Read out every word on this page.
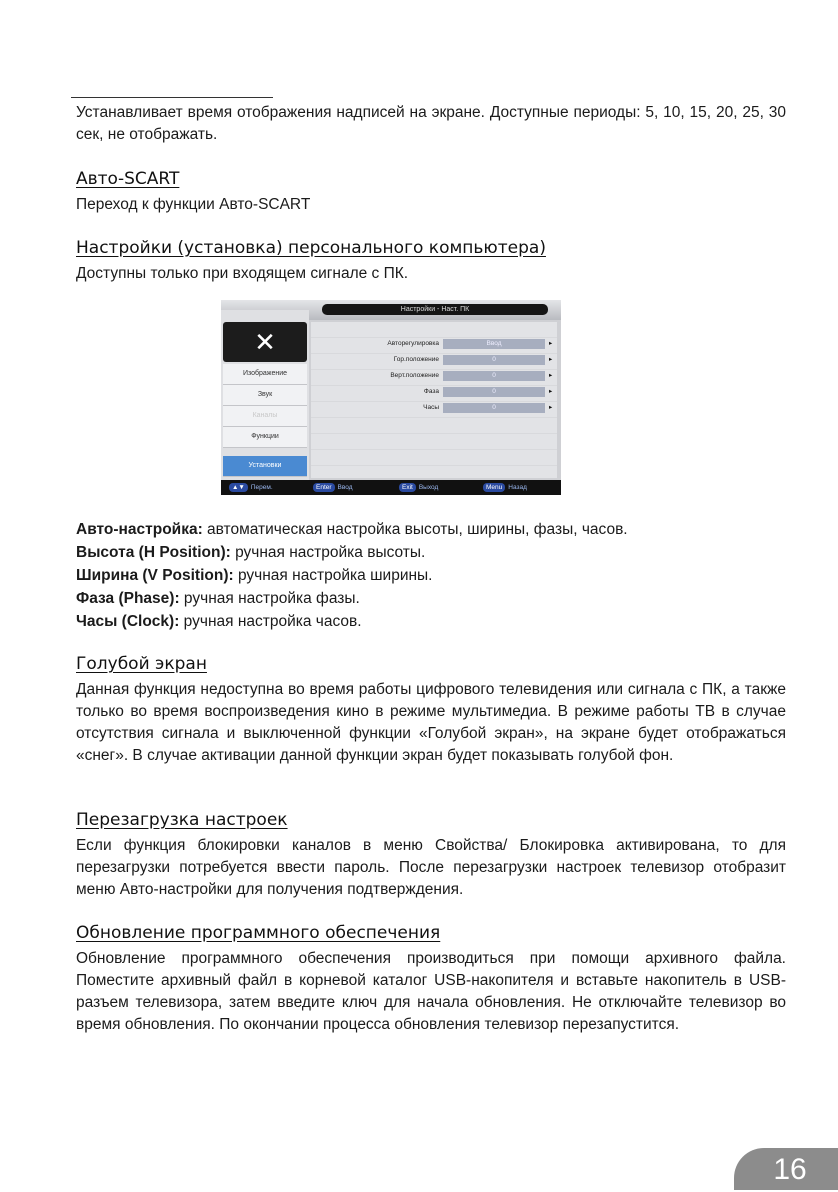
Устанавливает время отображения надписей на экране. Доступные периоды: 5, 10, 15, 20, 25, 30 сек, не отображать.

Авто-SCART

Переход к функции Авто-SCART

Настройки (установка) персонального компьютера)

Доступны только при входящем сигнале с ПК.

Настройки - Наст. ПК
✕
Изображение
Звук
Каналы
Функции
Установки
Авторегулировка	Ввод	▸
Гор.положение	0	▸
Верт.положение	0	▸
Фаза	0	▸
Часы	0	▸
▲▼ Перем.	Enter Ввод	Exit Выход	Menu Назад
Авто-настройка: автоматическая настройка высоты, ширины, фазы, часов.
Высота (H Position): ручная настройка высоты.
Ширина (V Position): ручная настройка ширины.
Фаза (Phase): ручная настройка фазы.
Часы (Clock): ручная настройка часов.
Голубой экран

Данная функция недоступна во время работы цифрового телевидения или сигнала с ПК, а также только во время воспроизведения кино в режиме мультимедиа. В режиме работы ТВ в случае отсутствия сигнала и выключенной функции «Голубой экран», на экране будет отображаться «снег». В случае активации данной функции экран будет показывать голубой фон.

Перезагрузка настроек

Если функция блокировки каналов в меню Свойства/ Блокировка активирована, то для перезагрузки потребуется ввести пароль. После перезагрузки настроек телевизор отобразит меню Авто-настройки для получения подтверждения.

Обновление программного обеспечения

Обновление программного обеспечения производиться при помощи архивного файла. Поместите архивный файл в корневой каталог USB-накопителя и вставьте накопитель в USB-разъем телевизора, затем введите ключ для начала обновления. Не отключайте телевизор во время обновления. По окончании процесса обновления телевизор перезапустится.

16
